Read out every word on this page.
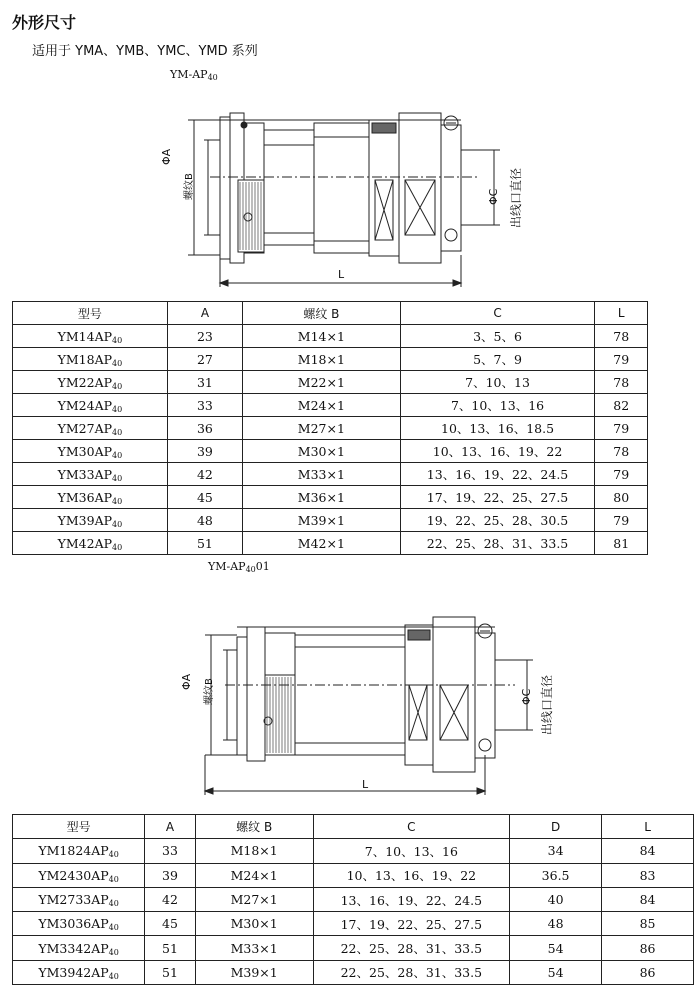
外形尺寸
适用于 YMA、YMB、YMC、YMD 系列
$YM-AP_{40}$
ΦA
螺纹B	ΦC 出线口直径
L
型号	A	螺纹 B	C	L
$YM14AP_{40}$	23	M14×1	3、5、6	78
$YM18AP_{40}$	27	M18×1	5、7、9	79
$YM22AP_{40}$	31	M22×1	7、10、13	78
$YM24AP_{40}$	33	M24×1	7、10、13、16	82
$YM27AP_{40}$	36	M27×1	10、13、16、18.5	79
$YM30AP_{40}$	39	M30×1	10、13、16、19、22	78
$YM33AP_{40}$	42	M33×1	13、16、19、22、24.5	79
$YM36AP_{40}$	45	M36×1	17、19、22、25、27.5	80
$YM39AP_{40}$	48	M39×1	19、22、25、28、30.5	79
$YM42AP_{40}$	51	M42×1	22、25、28、31、33.5	81
$YM-AP_{40}01$
ΦA	螺纹B	ΦC 出线口直径
L
型号	A	螺纹 B	C	D	L
$YM1824AP_{40}$	33	M18×1	7、10、13、16	34	84
$YM2430AP_{40}$	39	M24×1	10、13、16、19、22	36.5	83
$YM2733AP_{40}$	42	M27×1	13、16、19、22、24.5	40	84
$YM3036AP_{40}$	45	M30×1	17、19、22、25、27.5	48	85
$YM3342AP_{40}$	51	M33×1	22、25、28、31、33.5	54	86
$YM3942AP_{40}$	51	M39×1	22、25、28、31、33.5	54	86
